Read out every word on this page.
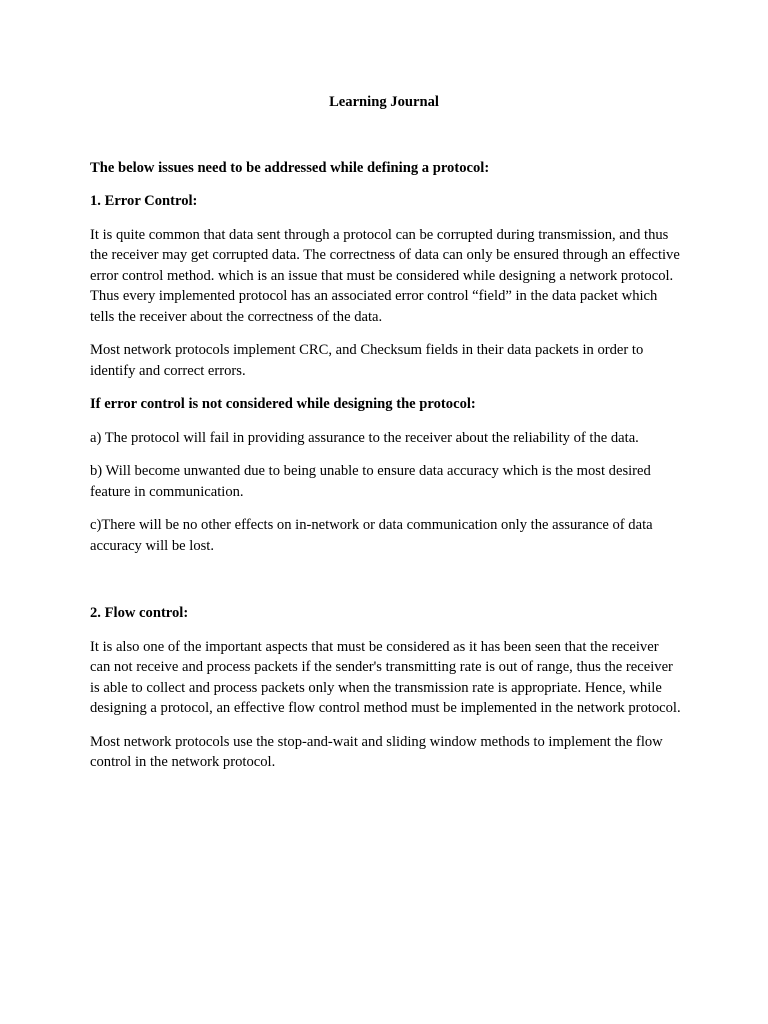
Learning Journal

The below issues need to be addressed while defining a protocol:

1. Error Control:

It is quite common that data sent through a protocol can be corrupted during transmission, and thus the receiver may get corrupted data. The correctness of data can only be ensured through an effective error control method. which is an issue that must be considered while designing a network protocol. Thus every implemented protocol has an associated error control “field” in the data packet which tells the receiver about the correctness of the data.

Most network protocols implement CRC, and Checksum fields in their data packets in order to identify and correct errors.

If error control is not considered while designing the protocol:

a) The protocol will fail in providing assurance to the receiver about the reliability of the data.

b) Will become unwanted due to being unable to ensure data accuracy which is the most desired feature in communication.

c)There will be no other effects on in-network or data communication only the assurance of data accuracy will be lost.

2. Flow control:

It is also one of the important aspects that must be considered as it has been seen that the receiver can not receive and process packets if the sender's transmitting rate is out of range, thus the receiver is able to collect and process packets only when the transmission rate is appropriate. Hence, while designing a protocol, an effective flow control method must be implemented in the network protocol.

Most network protocols use the stop-and-wait and sliding window methods to implement the flow control in the network protocol.
